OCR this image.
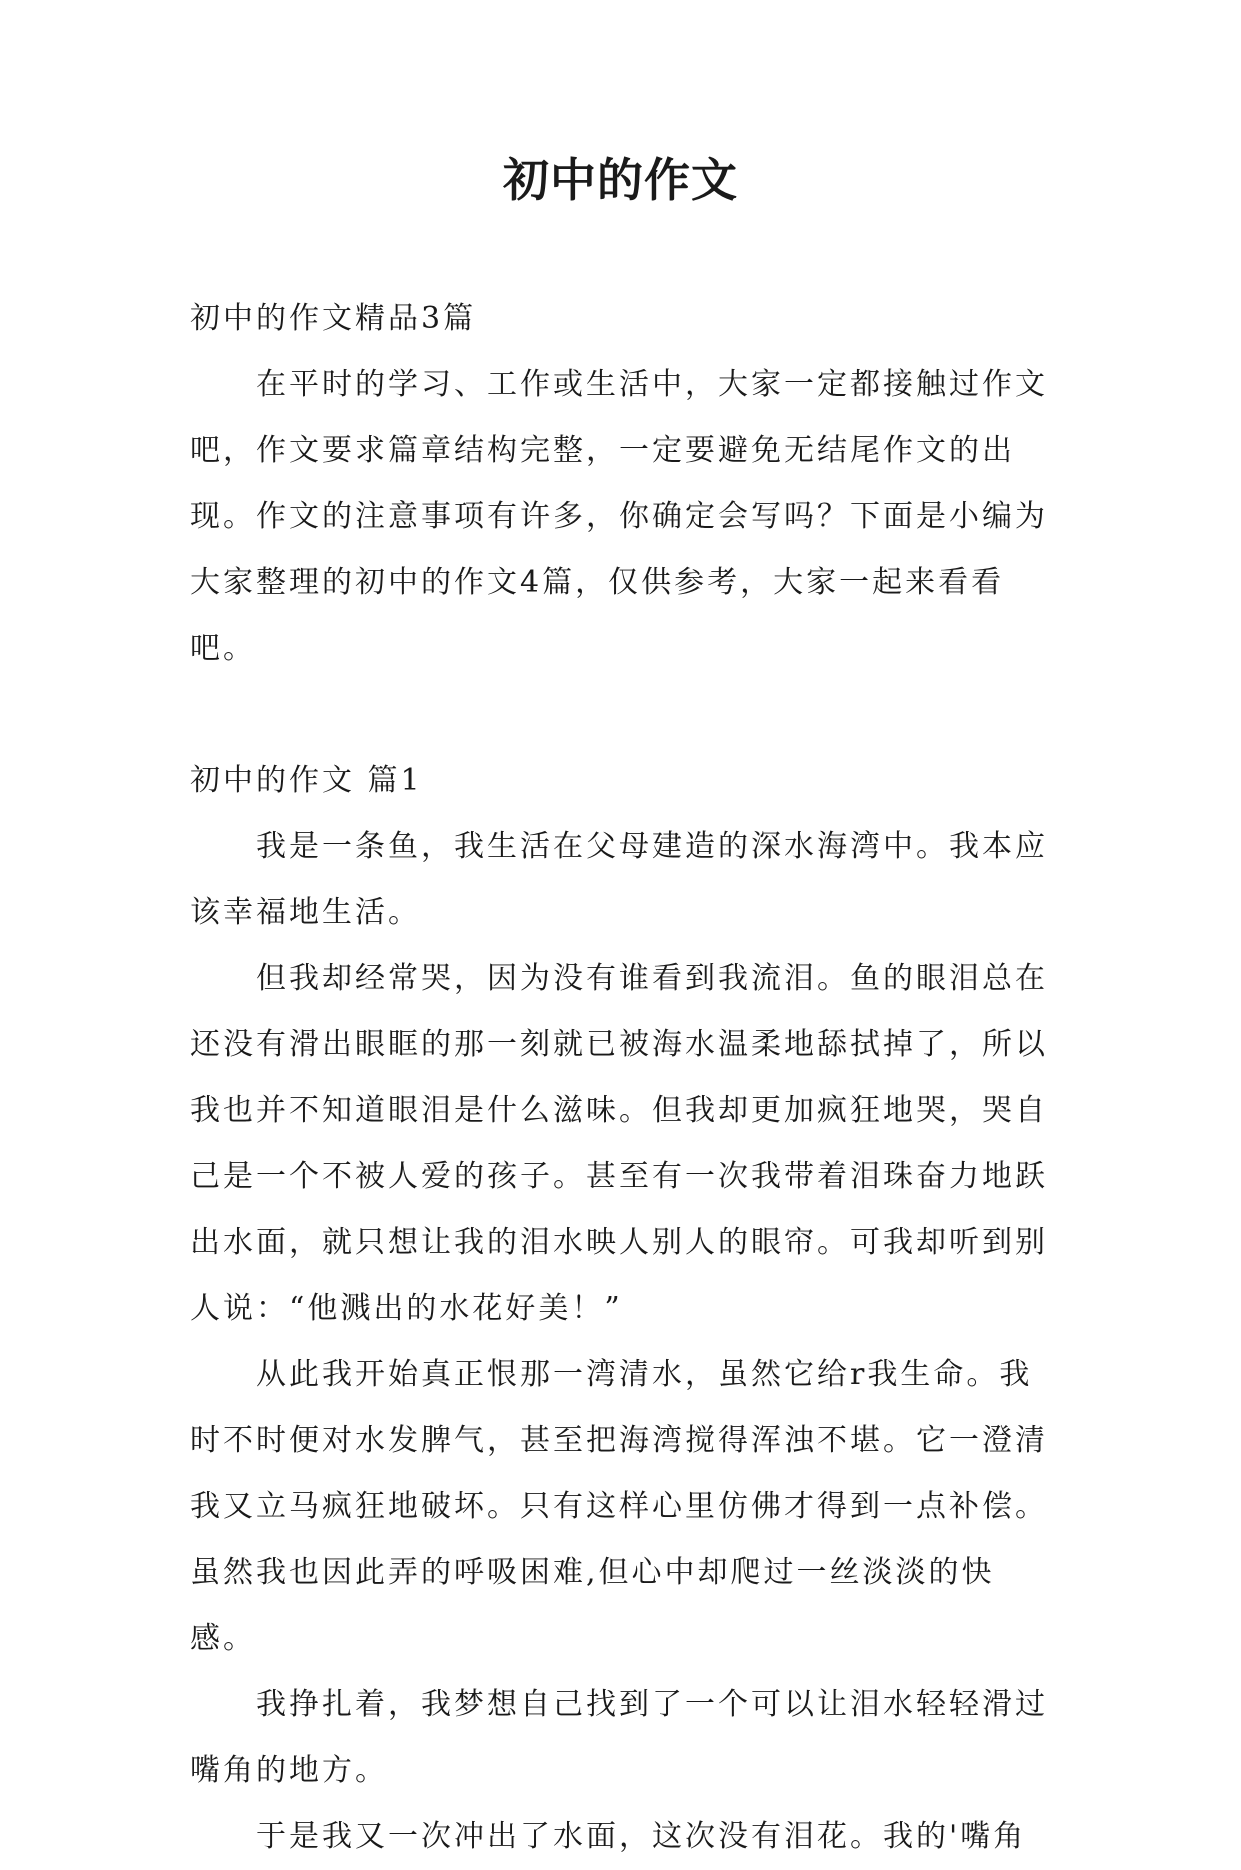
初中的作文

初中的作文精品3篇

在平时的学习、工作或生活中，大家一定都接触过作文吧，作文要求篇章结构完整，一定要避免无结尾作文的出现。作文的注意事项有许多，你确定会写吗？下面是小编为大家整理的初中的作文4篇，仅供参考，大家一起来看看吧。

初中的作文 篇1

我是一条鱼，我生活在父母建造的深水海湾中。我本应该幸福地生活。

但我却经常哭，因为没有谁看到我流泪。鱼的眼泪总在还没有滑出眼眶的那一刻就已被海水温柔地舔拭掉了，所以我也并不知道眼泪是什么滋味。但我却更加疯狂地哭，哭自己是一个不被人爱的孩子。甚至有一次我带着泪珠奋力地跃出水面，就只想让我的泪水映人别人的眼帘。可我却听到别人说：“他溅出的水花好美！”

从此我开始真正恨那一湾清水，虽然它给r我生命。我时不时便对水发脾气，甚至把海湾搅得浑浊不堪。它一澄清我又立马疯狂地破坏。只有这样心里仿佛才得到一点补偿。虽然我也因此弄的呼吸困难,但心中却爬过一丝淡淡的快感。

我挣扎着，我梦想自己找到了一个可以让泪水轻轻滑过嘴角的地方。

于是我又一次冲出了水面，这次没有泪花。我的'嘴角
